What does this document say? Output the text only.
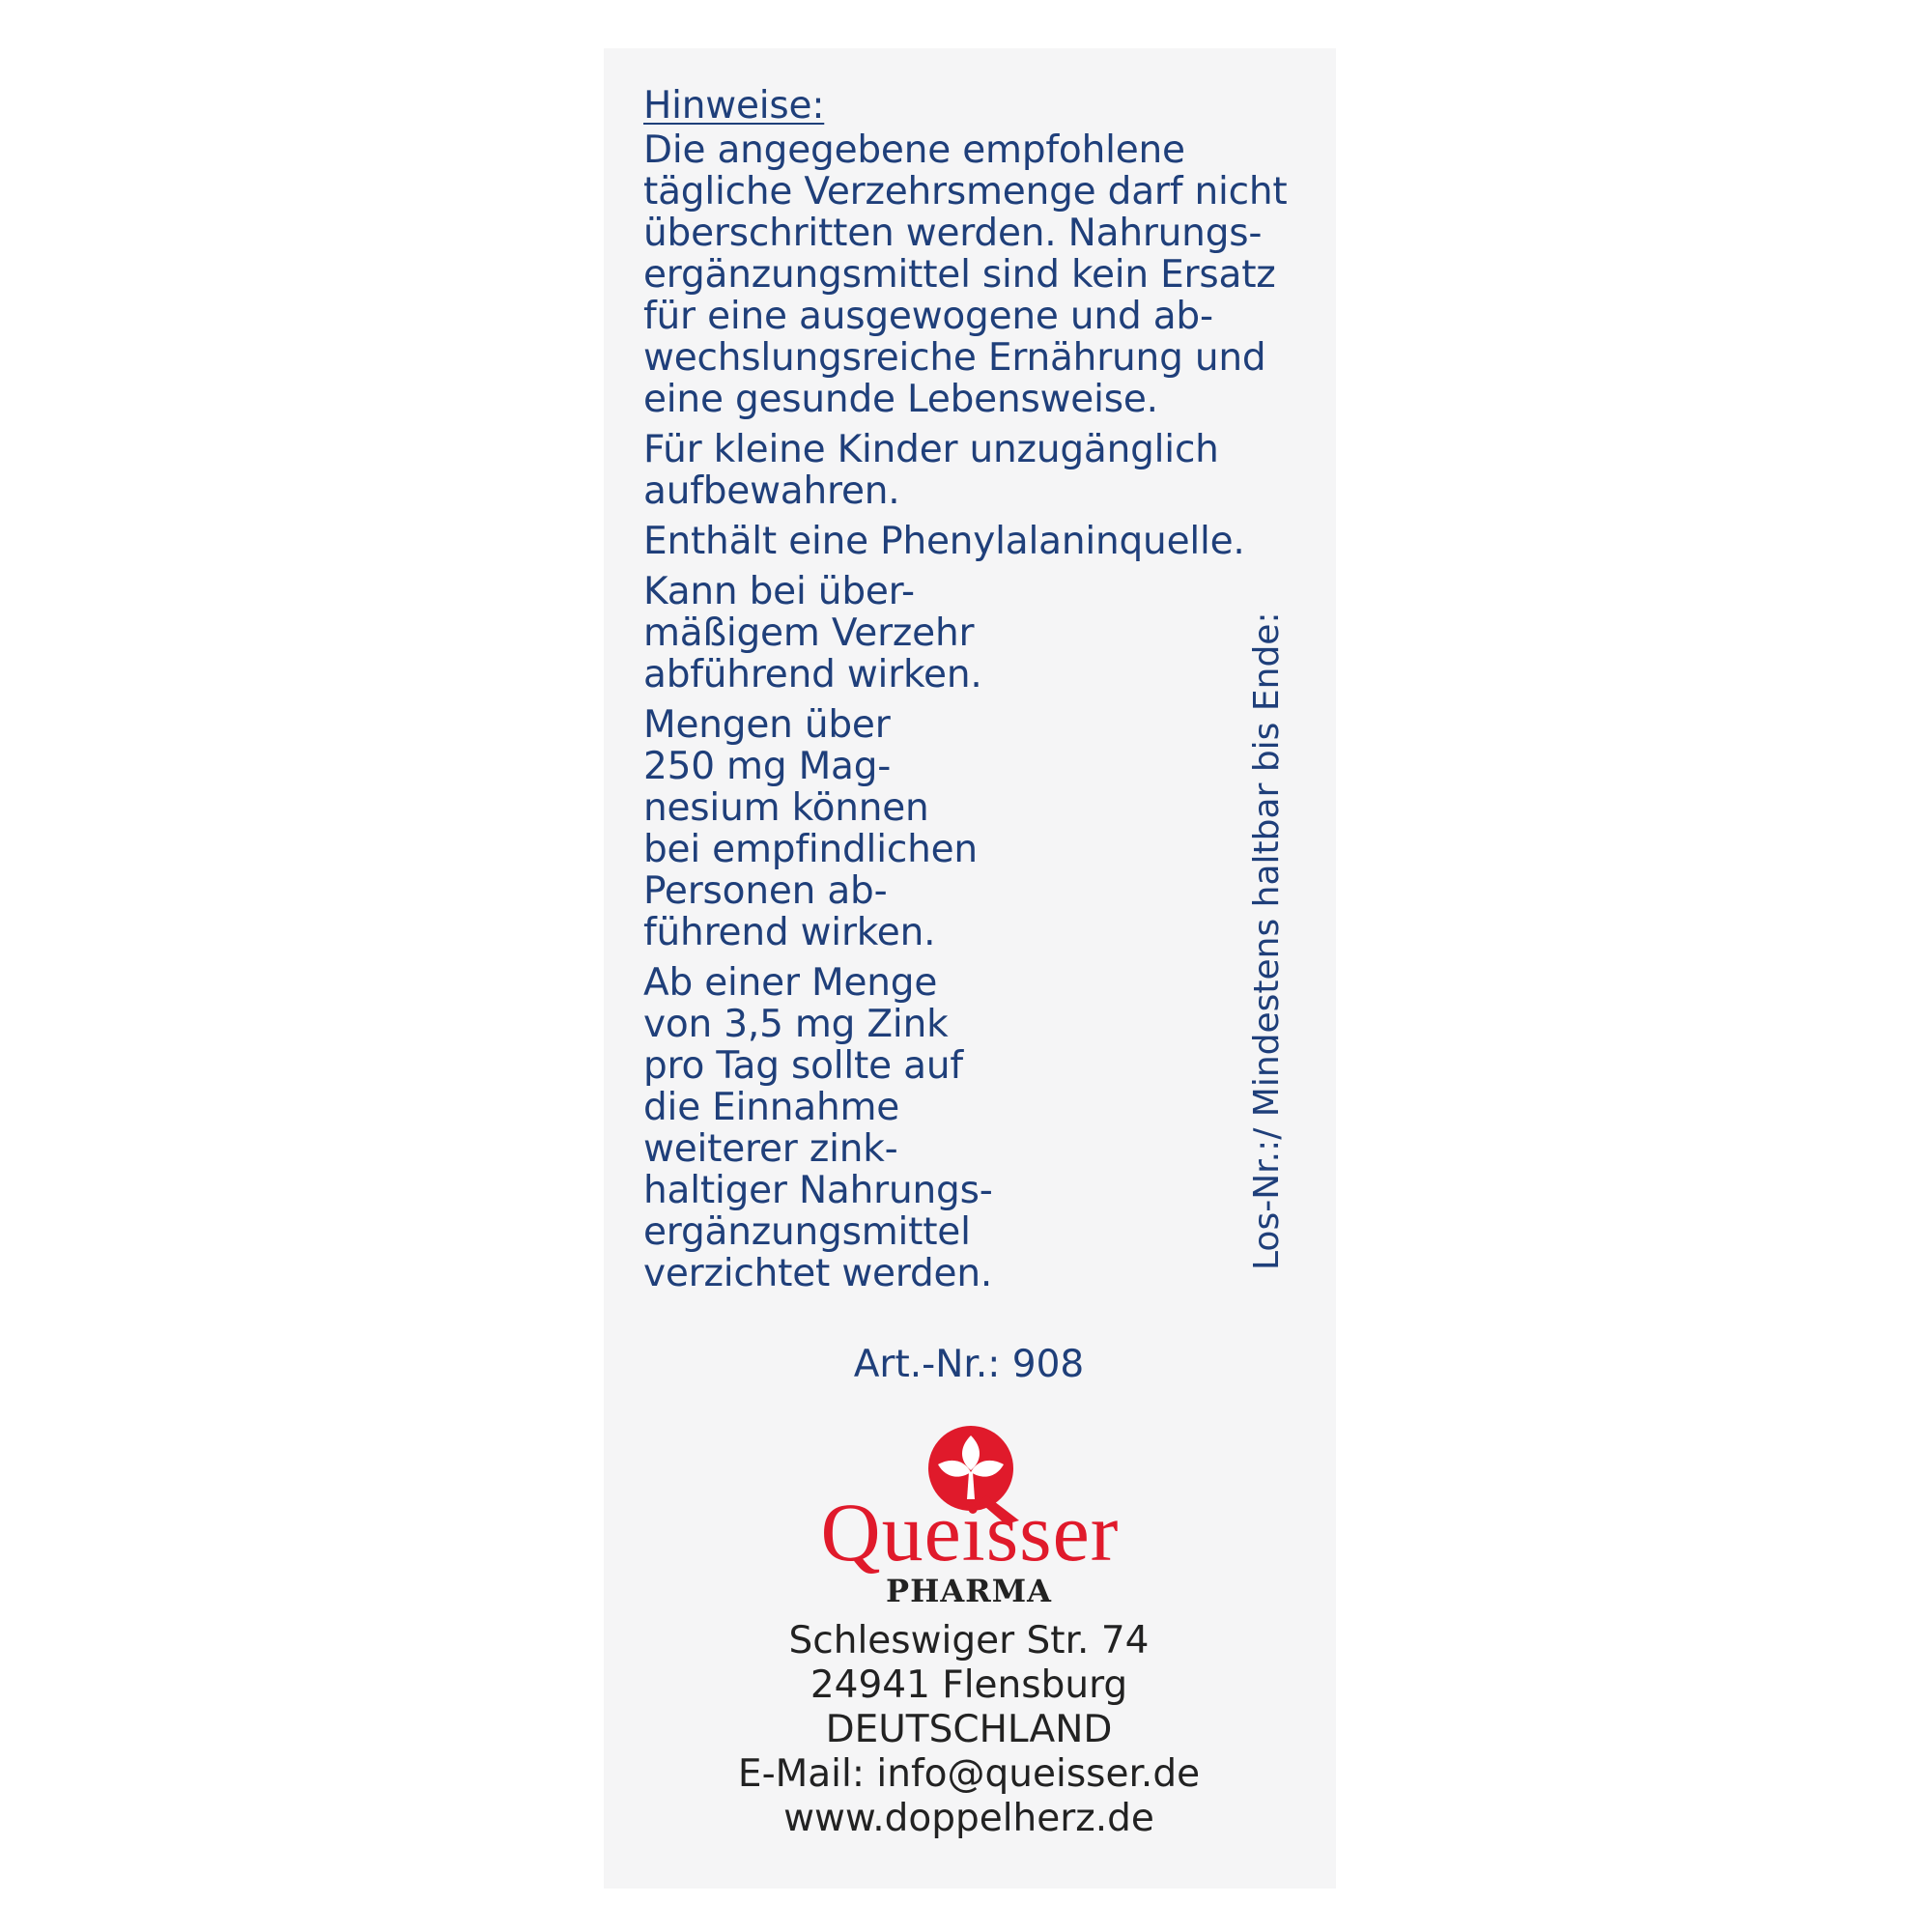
Hinweise:

Die angegebene empfohlene
tägliche Verzehrsmenge darf nicht
überschritten werden. Nahrungs-
ergänzungsmittel sind kein Ersatz
für eine ausgewogene und ab-
wechslungsreiche Ernährung und
eine gesunde Lebensweise.

Für kleine Kinder unzugänglich
aufbewahren.

Enthält eine Phenylalaninquelle.

Kann bei über-
mäßigem Verzehr
abführend wirken.

Mengen über
250 mg Mag-
nesium können
bei empfindlichen
Personen ab-
führend wirken.

Ab einer Menge
von 3,5 mg Zink
pro Tag sollte auf
die Einnahme
weiterer zink-
haltiger Nahrungs-
ergänzungsmittel
verzichtet werden.

Los-Nr.:/ Mindestens haltbar bis Ende:
Art.-Nr.: 908
Queisser
PHARMA
Schleswiger Str. 74
24941 Flensburg
DEUTSCHLAND
E-Mail: info@queisser.de
www.doppelherz.de
